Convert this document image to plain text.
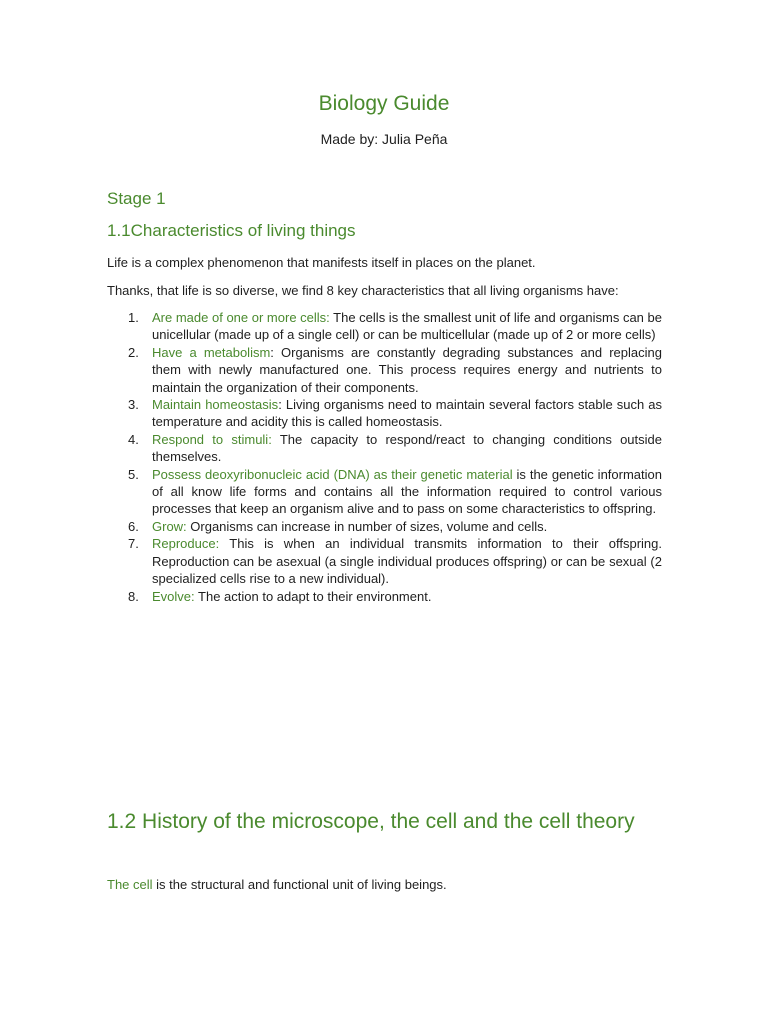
Biology Guide

Made by: Julia Peña

Stage 1
1.1Characteristics of living things

Life is a complex phenomenon that manifests itself in places on the planet.

Thanks, that life is so diverse, we find 8 key characteristics that all living organisms have:

1. Are made of one or more cells: The cells is the smallest unit of life and organisms can be unicellular (made up of a single cell) or can be multicellular (made up of 2 or more cells)
2. Have a metabolism: Organisms are constantly degrading substances and replacing them with newly manufactured one. This process requires energy and nutrients to maintain the organization of their components.
3. Maintain homeostasis: Living organisms need to maintain several factors stable such as temperature and acidity this is called homeostasis.
4. Respond to stimuli: The capacity to respond/react to changing conditions outside themselves.
5. Possess deoxyribonucleic acid (DNA) as their genetic material is the genetic information of all know life forms and contains all the information required to control various processes that keep an organism alive and to pass on some characteristics to offspring.
6. Grow: Organisms can increase in number of sizes, volume and cells.
7. Reproduce: This is when an individual transmits information to their offspring. Reproduction can be asexual (a single individual produces offspring) or can be sexual (2 specialized cells rise to a new individual).
8. Evolve: The action to adapt to their environment.
1.2 History of the microscope, the cell and the cell theory

The cell is the structural and functional unit of living beings.
